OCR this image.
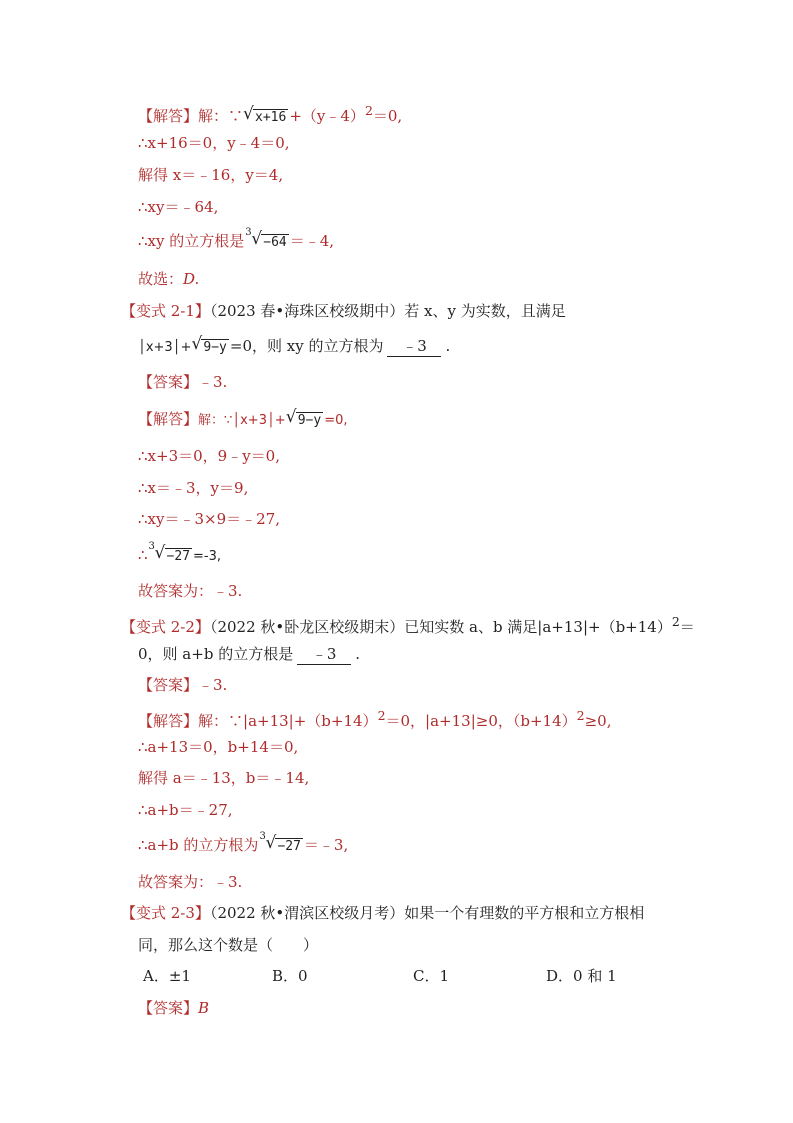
【解答】解：∵ √ x+16 +（y﹣4）$^2$＝0,
∴x+16＝0，y﹣4＝0,
解得 x＝﹣16，y＝4,
∴xy＝﹣64,
∴xy 的立方根是 √ 3
−64 ＝﹣4,
故选：D.
【变式 2-1】（2023 春•海珠区校级期中）若 x、y 为实数，且满足
│x+3│+ √ 9−y =0，则 xy 的立方根为 ﹣3 .
【答案】﹣3.
【解答】解：∵│x+3│+ √ 9−y =0,
∴x+3＝0，9﹣y＝0,
∴x＝﹣3，y＝9,
∴xy＝﹣3×9＝﹣27,
∴ √ 3
−27 =-3,
故答案为：﹣3.
【变式 2-2】（2022 秋•卧龙区校级期末）已知实数 a、b 满足$|a+13|+(b+14)^2=$
0，则 a+b 的立方根是 ﹣3 .
【答案】﹣3.
【解答】解：$\because|a+13|+(b+14)^2=0$，|a+13|≥0，$(b+14)^2\ge 0$,
∴a+13＝0，b+14＝0,
解得 a＝﹣13，b＝﹣14,
∴a+b＝﹣27,
∴a+b 的立方根为 √ 3
−27 ＝﹣3,
故答案为：﹣3.
【变式 2-3】（2022 秋•渭滨区校级月考）如果一个有理数的平方根和立方根相
同，那么这个数是（　　）
A．±1	B．0	C．1	D．0 和 1
【答案】B
